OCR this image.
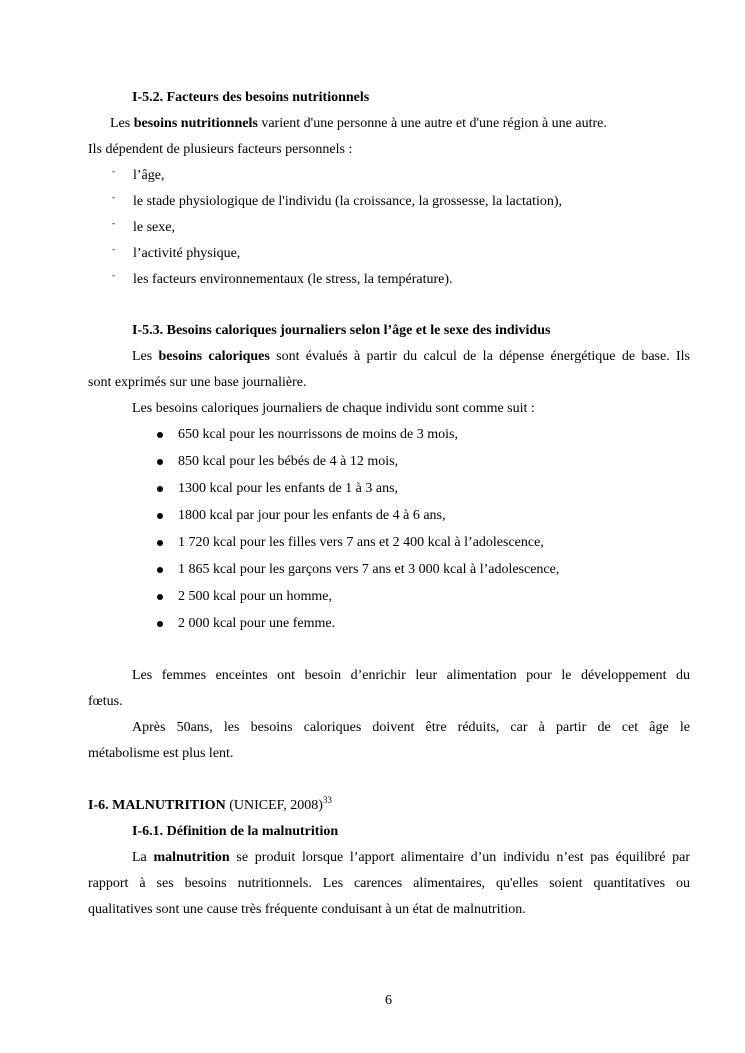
I-5.2. Facteurs des besoins nutritionnels
Les besoins nutritionnels varient d'une personne à une autre et d'une région à une autre.
Ils dépendent de plusieurs facteurs personnels :
- l’âge,
- le stade physiologique de l'individu (la croissance, la grossesse, la lactation),
- le sexe,
- l’activité physique,
- les facteurs environnementaux (le stress, la température).
I-5.3. Besoins caloriques journaliers selon l’âge et le sexe des individus
Les besoins caloriques sont évalués à partir du calcul de la dépense énergétique de base. Ils
sont exprimés sur une base journalière.
Les besoins caloriques journaliers de chaque individu sont comme suit :
650 kcal pour les nourrissons de moins de 3 mois,
850 kcal pour les bébés de 4 à 12 mois,
1300 kcal pour les enfants de 1 à 3 ans,
1800 kcal par jour pour les enfants de 4 à 6 ans,
1 720 kcal pour les filles vers 7 ans et 2 400 kcal à l’adolescence,
1 865 kcal pour les garçons vers 7 ans et 3 000 kcal à l’adolescence,
2 500 kcal pour un homme,
2 000 kcal pour une femme.
Les femmes enceintes ont besoin d’enrichir leur alimentation pour le développement du
fœtus.
Après 50ans, les besoins caloriques doivent être réduits, car à partir de cet âge le
métabolisme est plus lent.
I-6. MALNUTRITION (UNICEF, 2008)$^{33}$
I-6.1. Définition de la malnutrition
La malnutrition se produit lorsque l’apport alimentaire d’un individu n’est pas équilibré par
rapport à ses besoins nutritionnels. Les carences alimentaires, qu'elles soient quantitatives ou
qualitatives sont une cause très fréquente conduisant à un état de malnutrition.
6
